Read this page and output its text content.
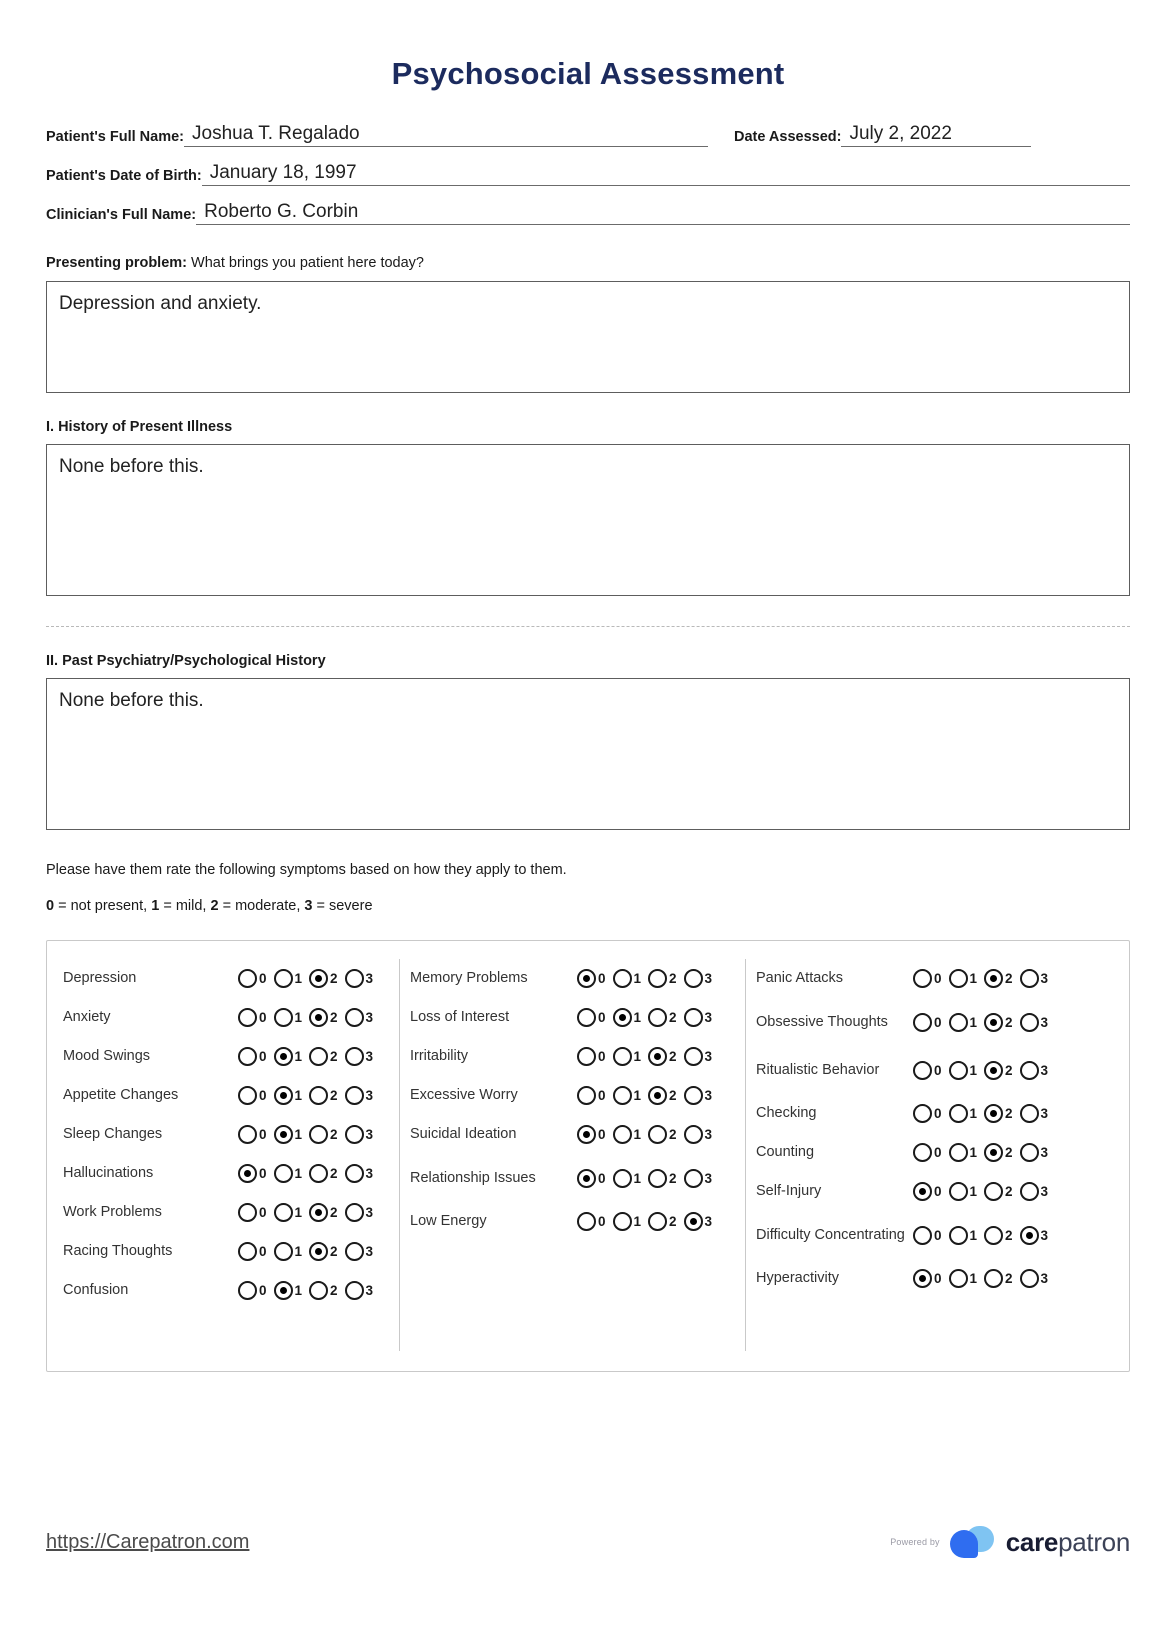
Psychosocial Assessment
Patient's Full Name: Joshua T. Regalado	Date Assessed: July 2, 2022
Patient's Date of Birth: January 18, 1997
Clinician's Full Name: Roberto G. Corbin
Presenting problem: What brings you patient here today?
Depression and anxiety.
I. History of Present Illness
None before this.
II. Past Psychiatry/Psychological History
None before this.
Please have them rate the following symptoms based on how they apply to them.
0 = not present, 1 = mild, 2 = moderate, 3 = severe
Depression	0 1 2 3
Anxiety	0 1 2 3
Mood Swings	0 1 2 3
Appetite Changes	0 1 2 3
Sleep Changes	0 1 2 3
Hallucinations	0 1 2 3
Work Problems	0 1 2 3
Racing Thoughts	0 1 2 3
Confusion	0 1 2 3
Memory Problems	0 1 2 3
Loss of Interest	0 1 2 3
Irritability	0 1 2 3
Excessive Worry	0 1 2 3
Suicidal Ideation	0 1 2 3
Relationship Issues	0 1 2 3
Low Energy	0 1 2 3
Panic Attacks	0 1 2 3
Obsessive Thoughts	0 1 2 3
Ritualistic Behavior	0 1 2 3
Checking	0 1 2 3
Counting	0 1 2 3
Self-Injury	0 1 2 3
Difficulty Concentrating	0 1 2 3
Hyperactivity	0 1 2 3
https://Carepatron.com	Powered by	carepatron
